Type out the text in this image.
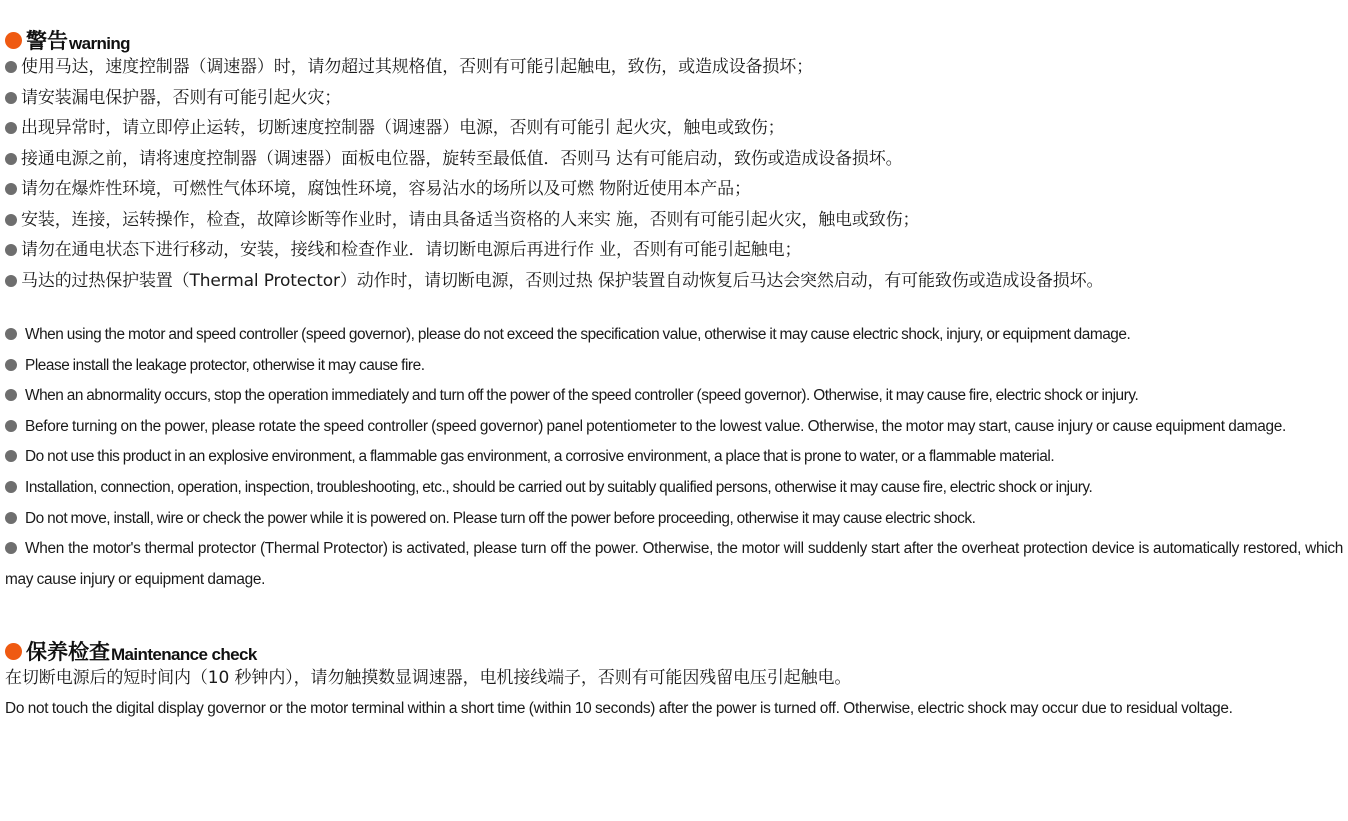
警告 warning
使用马达，速度控制器（调速器）时，请勿超过其规格值，否则有可能引起触电，致伤，或造成设备损坏；
请安装漏电保护器，否则有可能引起火灾；
出现异常时，请立即停止运转，切断速度控制器（调速器）电源，否则有可能引 起火灾，触电或致伤；
接通电源之前，请将速度控制器（调速器）面板电位器，旋转至最低值．否则马 达有可能启动，致伤或造成设备损坏。
请勿在爆炸性环境，可燃性气体环境，腐蚀性环境，容易沾水的场所以及可燃 物附近使用本产品；
安装，连接，运转操作，检查，故障诊断等作业时，请由具备适当资格的人来实 施，否则有可能引起火灾，触电或致伤；
请勿在通电状态下进行移动，安装，接线和检查作业．请切断电源后再进行作 业，否则有可能引起触电；
马达的过热保护装置（Thermal Protector）动作时，请切断电源，否则过热 保护装置自动恢复后马达会突然启动，有可能致伤或造成设备损坏。
When using the motor and speed controller (speed governor), please do not exceed the specification value, otherwise it may cause electric shock, injury, or equipment damage.
Please install the leakage protector, otherwise it may cause fire.
When an abnormality occurs, stop the operation immediately and turn off the power of the speed controller (speed governor). Otherwise, it may cause fire, electric shock or injury.
Before turning on the power, please rotate the speed controller (speed governor) panel potentiometer to the lowest value. Otherwise, the motor may start, cause injury or cause equipment damage.
Do not use this product in an explosive environment, a flammable gas environment, a corrosive environment, a place that is prone to water, or a flammable material.
Installation, connection, operation, inspection, troubleshooting, etc., should be carried out by suitably qualified persons, otherwise it may cause fire, electric shock or injury.
Do not move, install, wire or check the power while it is powered on. Please turn off the power before proceeding, otherwise it may cause electric shock.
When the motor's thermal protector (Thermal Protector) is activated, please turn off the power. Otherwise, the motor will suddenly start after the overheat protection device is automatically restored, which may cause injury or equipment damage.
保养检查 Maintenance check
在切断电源后的短时间内（10 秒钟内），请勿触摸数显调速器，电机接线端子，否则有可能因残留电压引起触电。
Do not touch the digital display governor or the motor terminal within a short time (within 10 seconds) after the power is turned off. Otherwise, electric shock may occur due to residual voltage.
